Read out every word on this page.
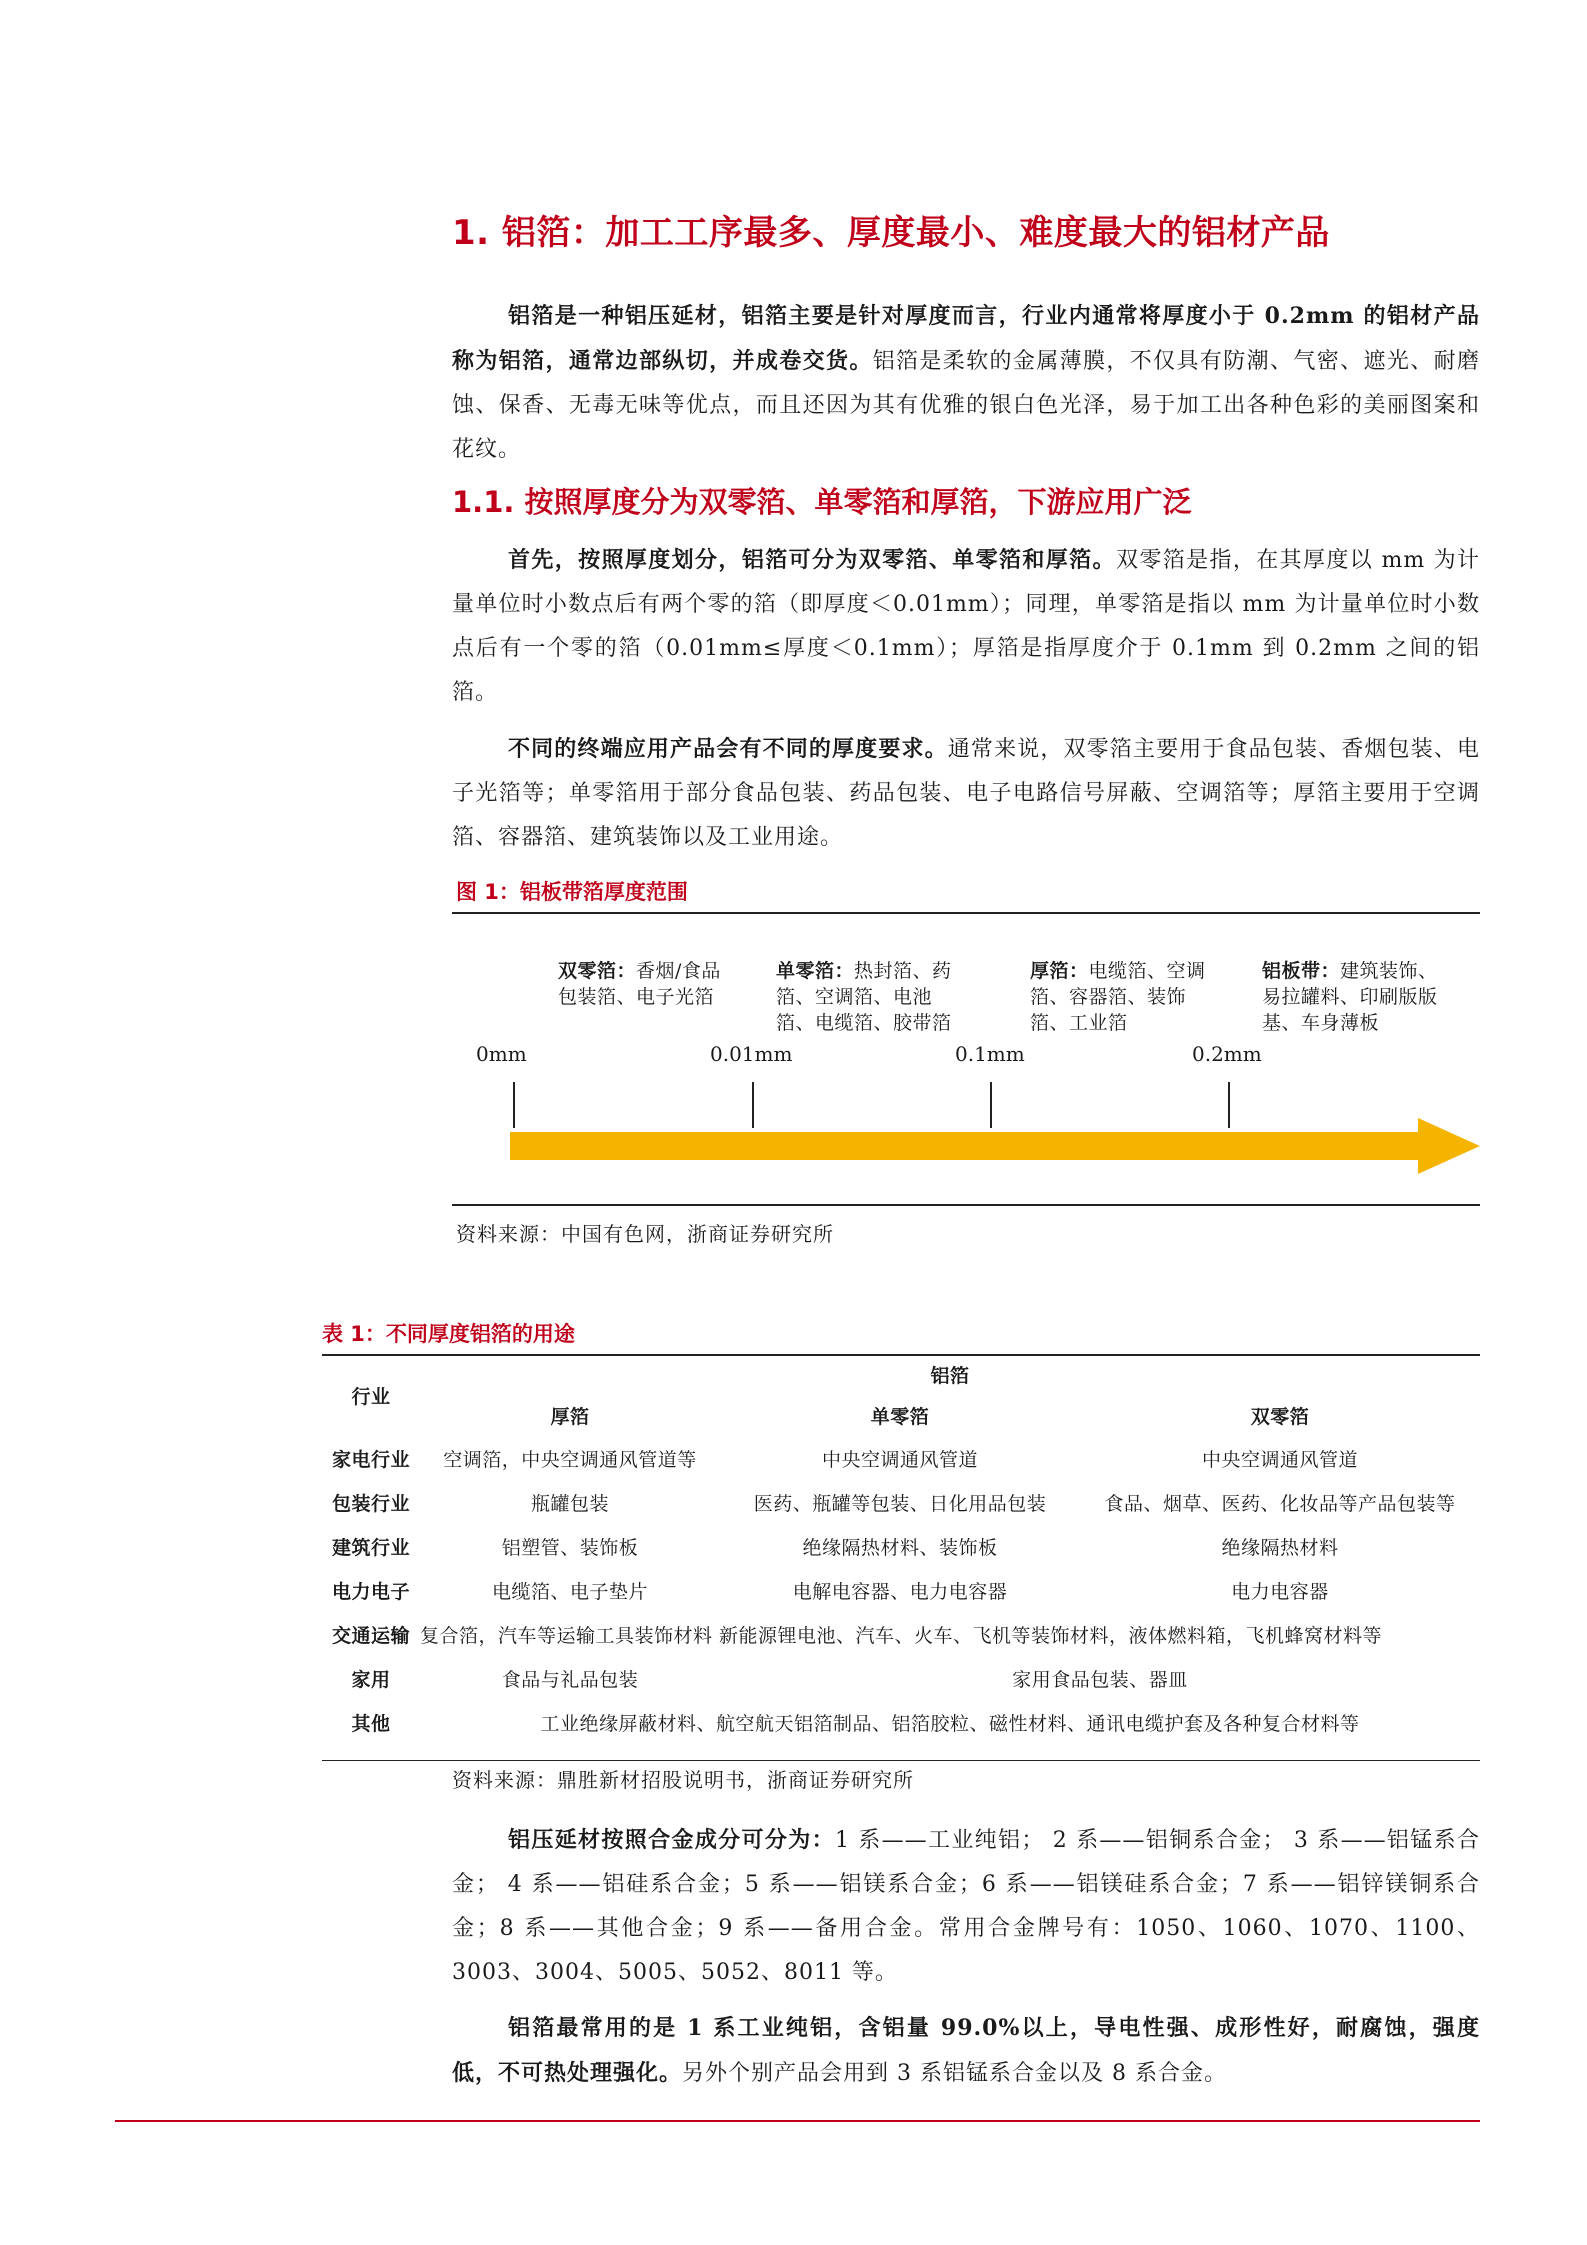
1. 铝箔：加工工序最多、厚度最小、难度最大的铝材产品
铝箔是一种铝压延材，铝箔主要是针对厚度而言，行业内通常将厚度小于 0.2mm 的铝材产品称为铝箔，通常边部纵切，并成卷交货。铝箔是柔软的金属薄膜，不仅具有防潮、气密、遮光、耐磨蚀、保香、无毒无味等优点，而且还因为其有优雅的银白色光泽，易于加工出各种色彩的美丽图案和花纹。
1.1. 按照厚度分为双零箔、单零箔和厚箔，下游应用广泛
首先，按照厚度划分，铝箔可分为双零箔、单零箔和厚箔。双零箔是指，在其厚度以 mm 为计量单位时小数点后有两个零的箔（即厚度＜0.01mm）；同理，单零箔是指以 mm 为计量单位时小数点后有一个零的箔（0.01mm≤厚度＜0.1mm）；厚箔是指厚度介于 0.1mm 到 0.2mm 之间的铝箔。
不同的终端应用产品会有不同的厚度要求。通常来说，双零箔主要用于食品包装、香烟包装、电子光箔等；单零箔用于部分食品包装、药品包装、电子电路信号屏蔽、空调箔等；厚箔主要用于空调箔、容器箔、建筑装饰以及工业用途。
图 1：铝板带箔厚度范围
双零箔：香烟/食品包装箔、电子光箔
单零箔：热封箔、药箔、空调箔、电池箔、电缆箔、胶带箔
厚箔：电缆箔、空调箔、容器箔、装饰箔、工业箔
铝板带：建筑装饰、易拉罐料、印刷版版基、车身薄板
0mm	0.01mm	0.1mm	0.2mm
资料来源：中国有色网，浙商证券研究所
表 1：不同厚度铝箔的用途
行业	铝箔		
	厚箔	单零箔	双零箔
家电行业	空调箔，中央空调通风管道等	中央空调通风管道	中央空调通风管道
包装行业	瓶罐包装	医药、瓶罐等包装、日化用品包装	食品、烟草、医药、化妆品等产品包装等
建筑行业	铝塑管、装饰板	绝缘隔热材料、装饰板	绝缘隔热材料
电力电子	电缆箔、电子垫片	电解电容器、电力电容器	电力电容器
交通运输	复合箔，汽车等运输工具装饰材料 新能源锂电池、汽车、火车、飞机等装饰材料，液体燃料箱，飞机蜂窝材料等		
家用	食品与礼品包装	家用食品包装、器皿	
其他	工业绝缘屏蔽材料、航空航天铝箔制品、铝箔胶粒、磁性材料、通讯电缆护套及各种复合材料等		
资料来源：鼎胜新材招股说明书，浙商证券研究所
铝压延材按照合金成分可分为：1 系——工业纯铝； 2 系——铝铜系合金； 3 系——铝锰系合金； 4 系——铝硅系合金；5 系——铝镁系合金；6 系——铝镁硅系合金；7 系——铝锌镁铜系合金；8 系——其他合金；9 系——备用合金。常用合金牌号有：1050、1060、1070、1100、3003、3004、5005、5052、8011 等。
铝箔最常用的是 1 系工业纯铝，含铝量 99.0%以上，导电性强、成形性好，耐腐蚀，强度低，不可热处理强化。另外个别产品会用到 3 系铝锰系合金以及 8 系合金。
